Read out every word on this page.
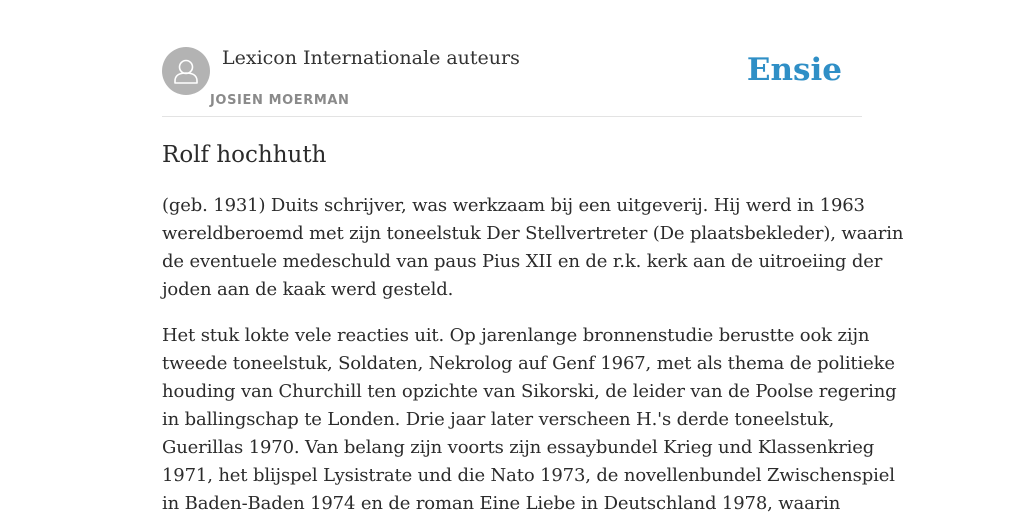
Lexicon Internationale auteurs
JOSIEN MOERMAN
Ensie
Rolf hochhuth

(geb. 1931) Duits schrijver, was werkzaam bij een uitgeverij. Hij werd in 1963
wereldberoemd met zijn toneelstuk Der Stellvertreter (De plaatsbekleder), waarin
de eventuele medeschuld van paus Pius XII en de r.k. kerk aan de uitroeiing der
joden aan de kaak werd gesteld.

Het stuk lokte vele reacties uit. Op jarenlange bronnenstudie berustte ook zijn
tweede toneelstuk, Soldaten, Nekrolog auf Genf 1967, met als thema de politieke
houding van Churchill ten opzichte van Sikorski, de leider van de Poolse regering
in ballingschap te Londen. Drie jaar later verscheen H.'s derde toneelstuk,
Guerillas 1970. Van belang zijn voorts zijn essaybundel Krieg und Klassenkrieg
1971, het blijspel Lysistrate und die Nato 1973, de novellenbundel Zwischenspiel
in Baden-Baden 1974 en de roman Eine Liebe in Deutschland 1978, waarin
